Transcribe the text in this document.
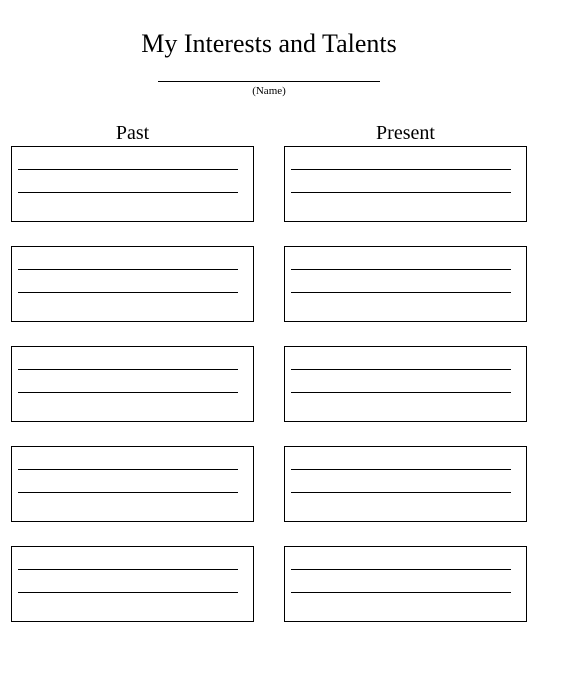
My Interests and Talents
(Name)
Past	Present
